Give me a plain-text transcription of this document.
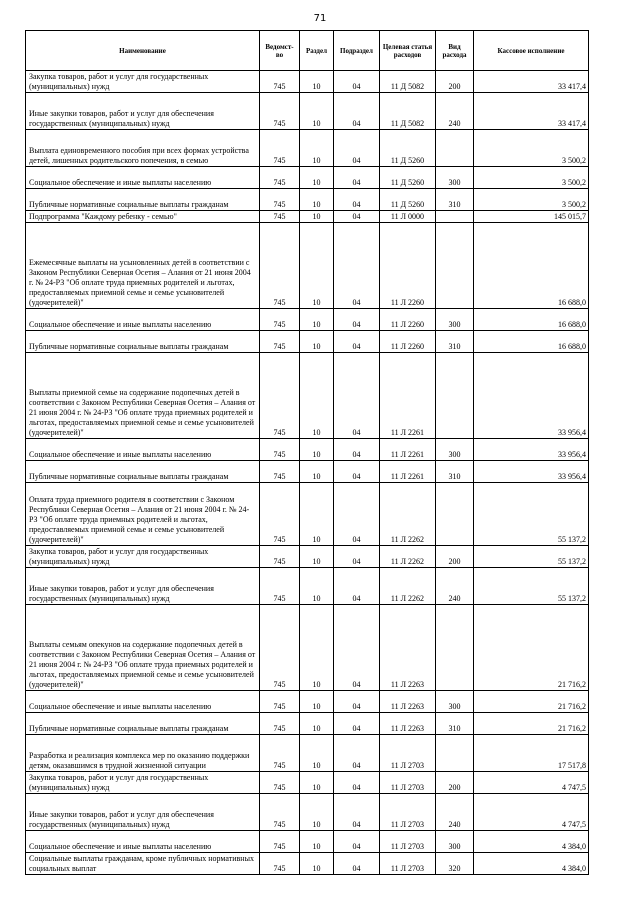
71
Наименование	Ведомст-во	Раздел	Подраздел	Целевая статья расходов	Вид расхода	Кассовое исполнение
Закупка товаров, работ и услуг для государственных (муниципальных) нужд	745	10	04	11 Д 5082	200	33 417,4
Иные закупки товаров, работ и услуг для обеспечения государственных (муниципальных) нужд	745	10	04	11 Д 5082	240	33 417,4
Выплата единовременного пособия при всех формах устройства детей, лишенных родительского попечения, в семью	745	10	04	11 Д 5260		3 500,2
Социальное обеспечение и иные выплаты населению	745	10	04	11 Д 5260	300	3 500,2
Публичные нормативные социальные выплаты гражданам	745	10	04	11 Д 5260	310	3 500,2
Подпрограмма "Каждому ребенку - семью"	745	10	04	11 Л 0000		145 015,7
Ежемесячные выплаты на усыновленных детей в соответствии с Законом Республики Северная Осетия – Алания от 21 июня 2004 г. № 24-РЗ "Об оплате труда приемных родителей и льготах, предоставляемых приемной семье и семье усыновителей (удочерителей)"	745	10	04	11 Л 2260		16 688,0
Социальное обеспечение и иные выплаты населению	745	10	04	11 Л 2260	300	16 688,0
Публичные нормативные социальные выплаты гражданам	745	10	04	11 Л 2260	310	16 688,0
Выплаты приемной семье на содержание подопечных детей в соответствии с Законом Республики Северная Осетия – Алания от 21 июня 2004 г. № 24-РЗ "Об оплате труда приемных родителей и льготах, предоставляемых приемной семье и семье усыновителей (удочерителей)"	745	10	04	11 Л 2261		33 956,4
Социальное обеспечение и иные выплаты населению	745	10	04	11 Л 2261	300	33 956,4
Публичные нормативные социальные выплаты гражданам	745	10	04	11 Л 2261	310	33 956,4
Оплата труда приемного родителя в соответствии с Законом Республики Северная Осетия – Алания от 21 июня 2004 г. № 24-РЗ "Об оплате труда приемных родителей и льготах, предоставляемых приемной семье и семье усыновителей (удочерителей)"	745	10	04	11 Л 2262		55 137,2
Закупка товаров, работ и услуг для государственных (муниципальных) нужд	745	10	04	11 Л 2262	200	55 137,2
Иные закупки товаров, работ и услуг для обеспечения государственных (муниципальных) нужд	745	10	04	11 Л 2262	240	55 137,2
Выплаты семьям опекунов на содержание подопечных детей в соответствии с Законом Республики Северная Осетия – Алания от 21 июня 2004 г. № 24-РЗ "Об оплате труда приемных родителей и льготах, предоставляемых приемной семье и семье усыновителей (удочерителей)"	745	10	04	11 Л 2263		21 716,2
Социальное обеспечение и иные выплаты населению	745	10	04	11 Л 2263	300	21 716,2
Публичные нормативные социальные выплаты гражданам	745	10	04	11 Л 2263	310	21 716,2
Разработка и реализация комплекса мер по оказанию поддержки детям, оказавшимся в трудной жизненной ситуации	745	10	04	11 Л 2703		17 517,8
Закупка товаров, работ и услуг для государственных (муниципальных) нужд	745	10	04	11 Л 2703	200	4 747,5
Иные закупки товаров, работ и услуг для обеспечения государственных (муниципальных) нужд	745	10	04	11 Л 2703	240	4 747,5
Социальное обеспечение и иные выплаты населению	745	10	04	11 Л 2703	300	4 384,0
Социальные выплаты гражданам, кроме публичных нормативных социальных выплат	745	10	04	11 Л 2703	320	4 384,0
